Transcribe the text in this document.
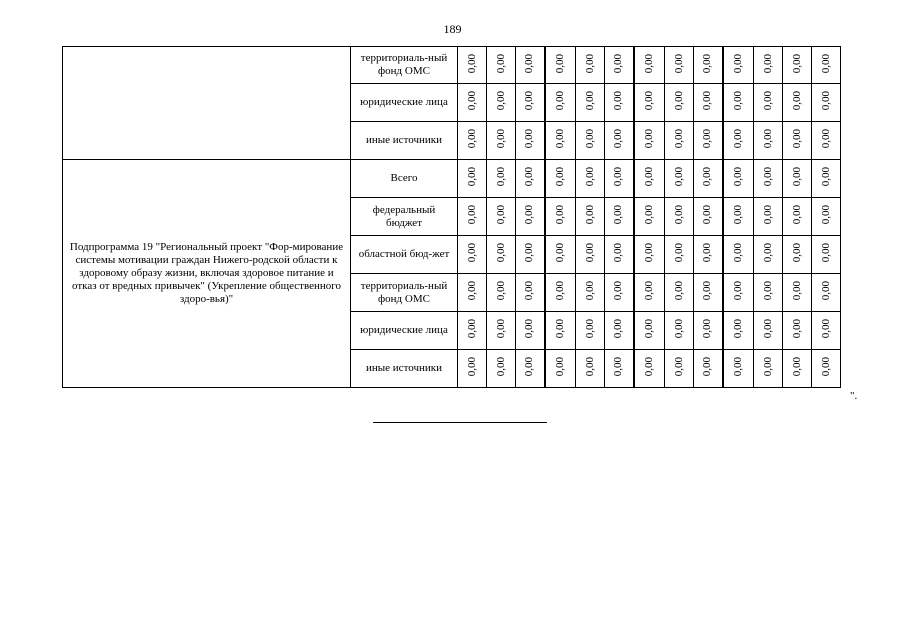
189
	территориаль-ный фонд ОМС	0,00	0,00	0,00	0,00	0,00	0,00	0,00	0,00	0,00	0,00	0,00	0,00	0,00
	юридические лица	0,00	0,00	0,00	0,00	0,00	0,00	0,00	0,00	0,00	0,00	0,00	0,00	0,00
	иные источники	0,00	0,00	0,00	0,00	0,00	0,00	0,00	0,00	0,00	0,00	0,00	0,00	0,00
Подпрограмма 19 "Региональный проект "Фор-мирование системы мотивации граждан Нижего-родской области к здоровому образу жизни, включая здоровое питание и отказ от вредных привычек" (Укрепление общественного здоро-вья)"	Всего	0,00	0,00	0,00	0,00	0,00	0,00	0,00	0,00	0,00	0,00	0,00	0,00	0,00
	федеральный бюджет	0,00	0,00	0,00	0,00	0,00	0,00	0,00	0,00	0,00	0,00	0,00	0,00	0,00
	областной бюд-жет	0,00	0,00	0,00	0,00	0,00	0,00	0,00	0,00	0,00	0,00	0,00	0,00	0,00
	территориаль-ный фонд ОМС	0,00	0,00	0,00	0,00	0,00	0,00	0,00	0,00	0,00	0,00	0,00	0,00	0,00
	юридические лица	0,00	0,00	0,00	0,00	0,00	0,00	0,00	0,00	0,00	0,00	0,00	0,00	0,00
	иные источники	0,00	0,00	0,00	0,00	0,00	0,00	0,00	0,00	0,00	0,00	0,00	0,00	0,00
".
